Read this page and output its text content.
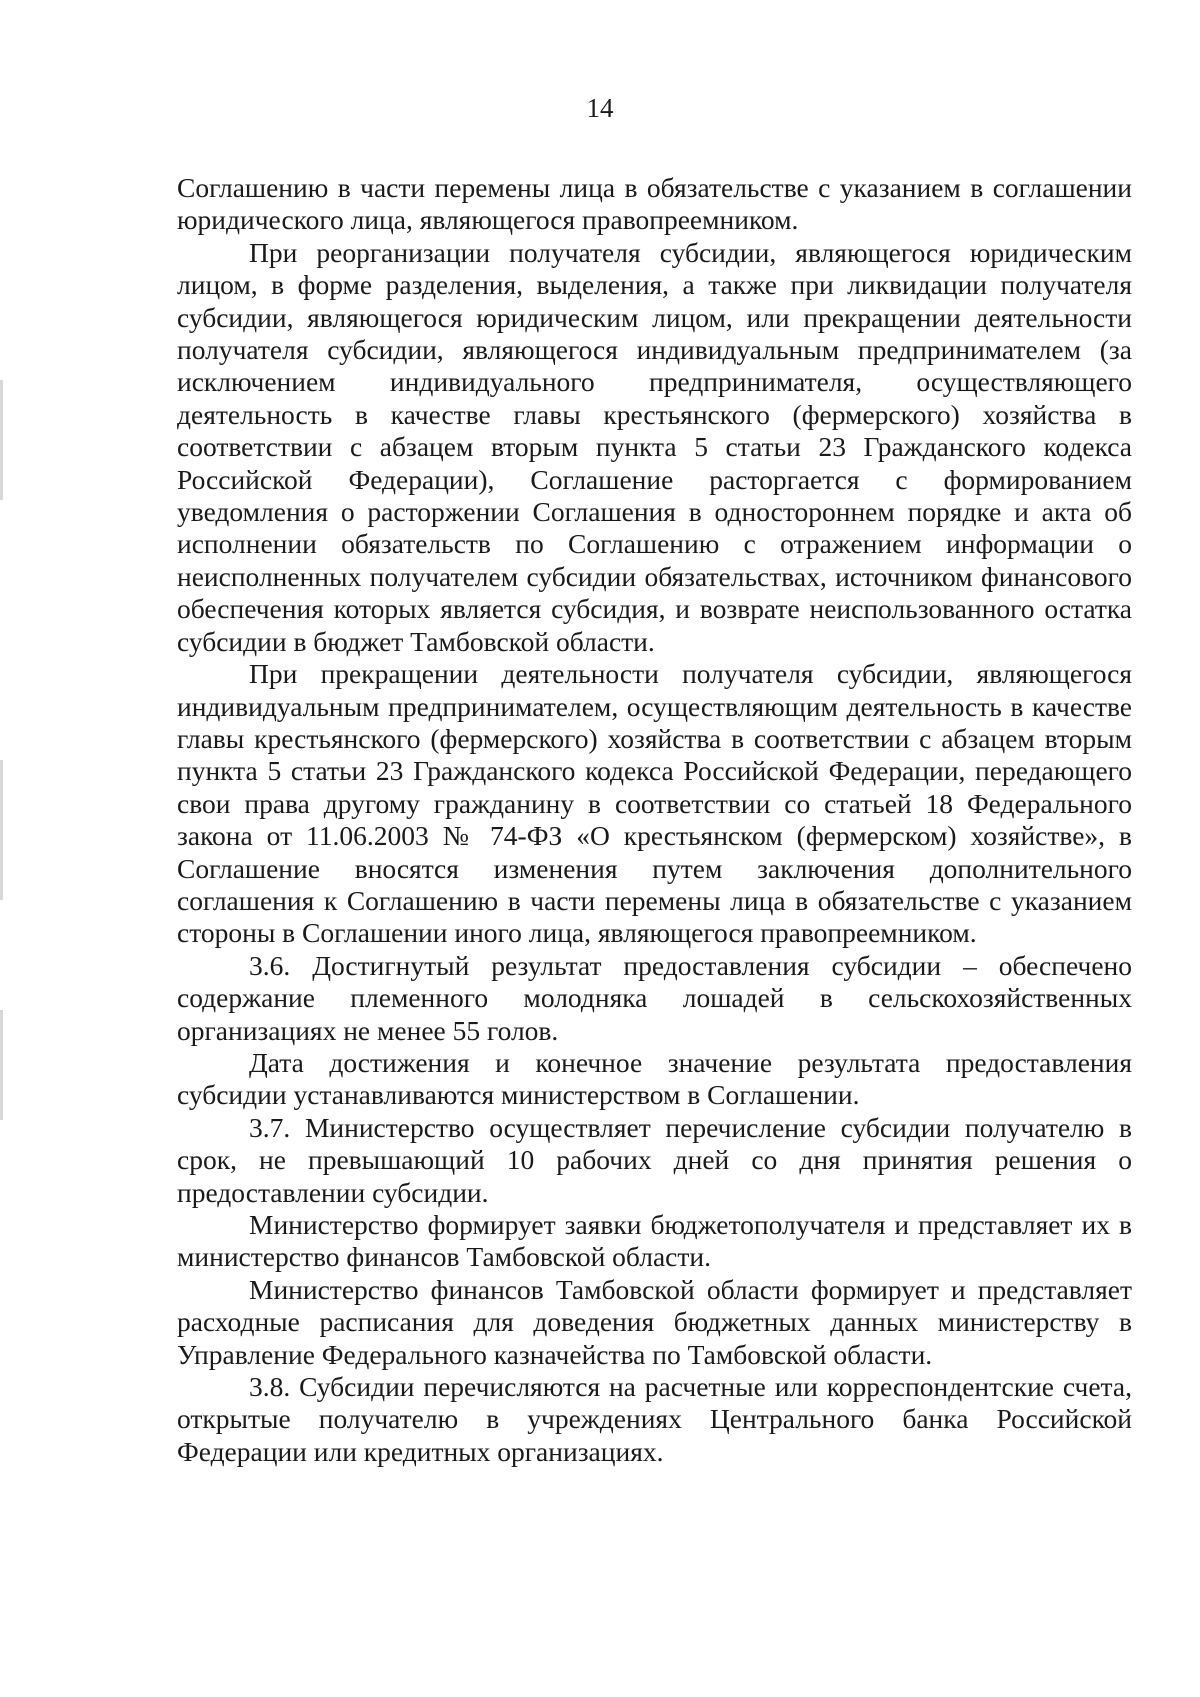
14

Соглашению в части перемены лица в обязательстве с указанием в соглашении юридического лица, являющегося правопреемником.

При реорганизации получателя субсидии, являющегося юридическим лицом, в форме разделения, выделения, а также при ликвидации получателя субсидии, являющегося юридическим лицом, или прекращении деятельности получателя субсидии, являющегося индивидуальным предпринимателем (за исключением индивидуального предпринимателя, осуществляющего деятельность в качестве главы крестьянского (фермерского) хозяйства в соответствии с абзацем вторым пункта 5 статьи 23 Гражданского кодекса Российской Федерации), Соглашение расторгается с формированием уведомления о расторжении Соглашения в одностороннем порядке и акта об исполнении обязательств по Соглашению с отражением информации о неисполненных получателем субсидии обязательствах, источником финансового обеспечения которых является субсидия, и возврате неиспользованного остатка субсидии в бюджет Тамбовской области.

При прекращении деятельности получателя субсидии, являющегося индивидуальным предпринимателем, осуществляющим деятельность в качестве главы крестьянского (фермерского) хозяйства в соответствии с абзацем вторым пункта 5 статьи 23 Гражданского кодекса Российской Федерации, передающего свои права другому гражданину в соответствии со статьей 18 Федерального закона от 11.06.2003 № 74-ФЗ «О крестьянском (фермерском) хозяйстве», в Соглашение вносятся изменения путем заключения дополнительного соглашения к Соглашению в части перемены лица в обязательстве с указанием стороны в Соглашении иного лица, являющегося правопреемником.

3.6. Достигнутый результат предоставления субсидии – обеспечено содержание племенного молодняка лошадей в сельскохозяйственных организациях не менее 55 голов.

Дата достижения и конечное значение результата предоставления субсидии устанавливаются министерством в Соглашении.

3.7. Министерство осуществляет перечисление субсидии получателю в срок, не превышающий 10 рабочих дней со дня принятия решения о предоставлении субсидии.

Министерство формирует заявки бюджетополучателя и представляет их в министерство финансов Тамбовской области.

Министерство финансов Тамбовской области формирует и представляет расходные расписания для доведения бюджетных данных министерству в Управление Федерального казначейства по Тамбовской области.

3.8. Субсидии перечисляются на расчетные или корреспондентские счета, открытые получателю в учреждениях Центрального банка Российской Федерации или кредитных организациях.
